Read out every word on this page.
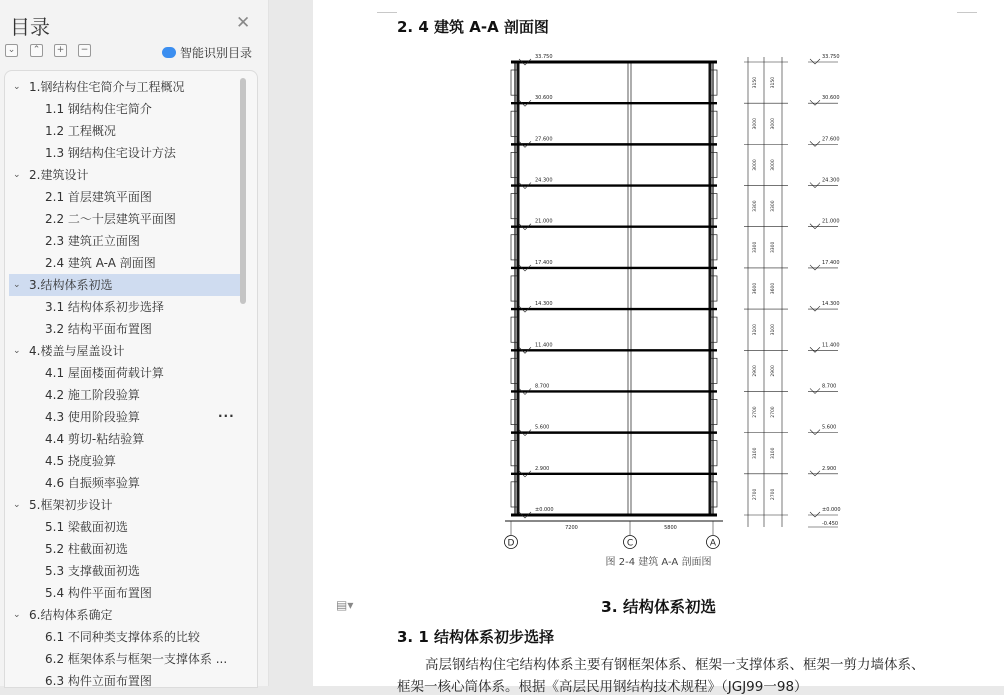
目录	✕
⌄	⌃	+	−	智能识别目录
⌄ 1.钢结构住宅简介与工程概况
1.1 钢结构住宅简介
1.2 工程概况
1.3 钢结构住宅设计方法
⌄ 2.建筑设计
2.1 首层建筑平面图
2.2 二～十层建筑平面图
2.3 建筑正立面图
2.4 建筑 A-A 剖面图
⌄ 3.结构体系初选
3.1 结构体系初步选择
3.2 结构平面布置图
⌄ 4.楼盖与屋盖设计
4.1 屋面楼面荷载计算
4.2 施工阶段验算
4.3 使用阶段验算
4.4 剪切-粘结验算
4.5 挠度验算
4.6 自振频率验算
⌄ 5.框架初步设计
5.1 梁截面初选
5.2 柱截面初选
5.3 支撑截面初选
5.4 构件平面布置图
⌄ 6.结构体系确定
6.1 不同种类支撑体系的比较
6.2 框架体系与框架一支撑体系 ...
6.3 构件立面布置图
...
2. 4 建筑 A-A 剖面图
33.750
30.600
27.600
24.300
21.000
17.400
14.300
11.400
8.700
5.600
2.900
±0.000
7200	5800
D	C	A
33.750
3150	3150
30.600
3000	3000
27.600
3000	3000
24.300
3300	3300
21.000
3300	3300
17.400
3600	3600
14.300
3100	3100
11.400
2900	2900
8.700
2700	2700
5.600
3100	3100
2.900
2700	2700
±0.000
-0.450
图 2-4 建筑 A-A 剖面图
3. 结构体系初选
3. 1 结构体系初步选择
高层钢结构住宅结构体系主要有钢框架体系、框架一支撑体系、框架一剪力墙体系、
框架一核心筒体系。根据《高层民用钢结构技术规程》（JGJ99一98）
▤▾
